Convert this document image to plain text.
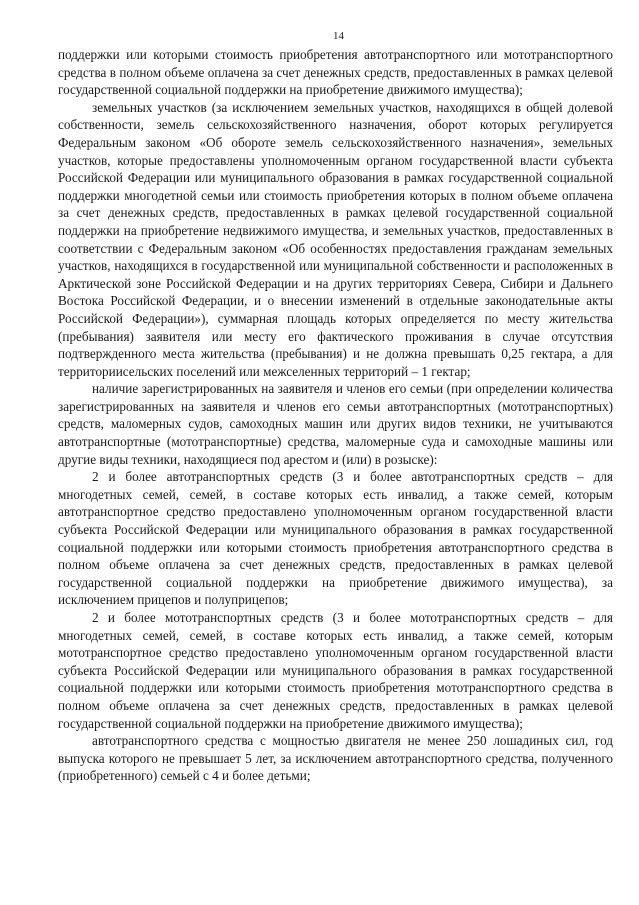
14

поддержки или которыми стоимость приобретения автотранспортного или мототранспортного средства в полном объеме оплачена за счет денежных средств, предоставленных в рамках целевой государственной социальной поддержки на приобретение движимого имущества);

земельных участков (за исключением земельных участков, находящихся в общей долевой собственности, земель сельскохозяйственного назначения, оборот которых регулируется Федеральным законом «Об обороте земель сельскохозяйственного назначения», земельных участков, которые предоставлены уполномоченным органом государственной власти субъекта Российской Федерации или муниципального образования в рамках государственной социальной поддержки многодетной семьи или стоимость приобретения которых в полном объеме оплачена за счет денежных средств, предоставленных в рамках целевой государственной социальной поддержки на приобретение недвижимого имущества, и земельных участков, предоставленных в соответствии с Федеральным законом «Об особенностях предоставления гражданам земельных участков, находящихся в государственной или муниципальной собственности и расположенных в Арктической зоне Российской Федерации и на других территориях Севера, Сибири и Дальнего Востока Российской Федерации, и о внесении изменений в отдельные законодательные акты Российской Федерации»), суммарная площадь которых определяется по месту жительства (пребывания) заявителя или месту его фактического проживания в случае отсутствия подтвержденного места жительства (пребывания) и не должна превышать 0,25 гектара, а для территориисельских поселений или межселенных территорий – 1 гектар;

наличие зарегистрированных на заявителя и членов его семьи (при определении количества зарегистрированных на заявителя и членов его семьи автотранспортных (мототранспортных) средств, маломерных судов, самоходных машин или других видов техники, не учитываются автотранспортные (мототранспортные) средства, маломерные суда и самоходные машины или другие виды техники, находящиеся под арестом и (или) в розыске):

2 и более автотранспортных средств (3 и более автотранспортных средств – для многодетных семей, семей, в составе которых есть инвалид, а также семей, которым автотранспортное средство предоставлено уполномоченным органом государственной власти субъекта Российской Федерации или муниципального образования в рамках государственной социальной поддержки или которыми стоимость приобретения автотранспортного средства в полном объеме оплачена за счет денежных средств, предоставленных в рамках целевой государственной социальной поддержки на приобретение движимого имущества), за исключением прицепов и полуприцепов;

2 и более мототранспортных средств (3 и более мототранспортных средств – для многодетных семей, семей, в составе которых есть инвалид, а также семей, которым мототранспортное средство предоставлено уполномоченным органом государственной власти субъекта Российской Федерации или муниципального образования в рамках государственной социальной поддержки или которыми стоимость приобретения мототранспортного средства в полном объеме оплачена за счет денежных средств, предоставленных в рамках целевой государственной социальной поддержки на приобретение движимого имущества);

автотранспортного средства с мощностью двигателя не менее 250 лошадиных сил, год выпуска которого не превышает 5 лет, за исключением автотранспортного средства, полученного (приобретенного) семьей с 4 и более детьми;
